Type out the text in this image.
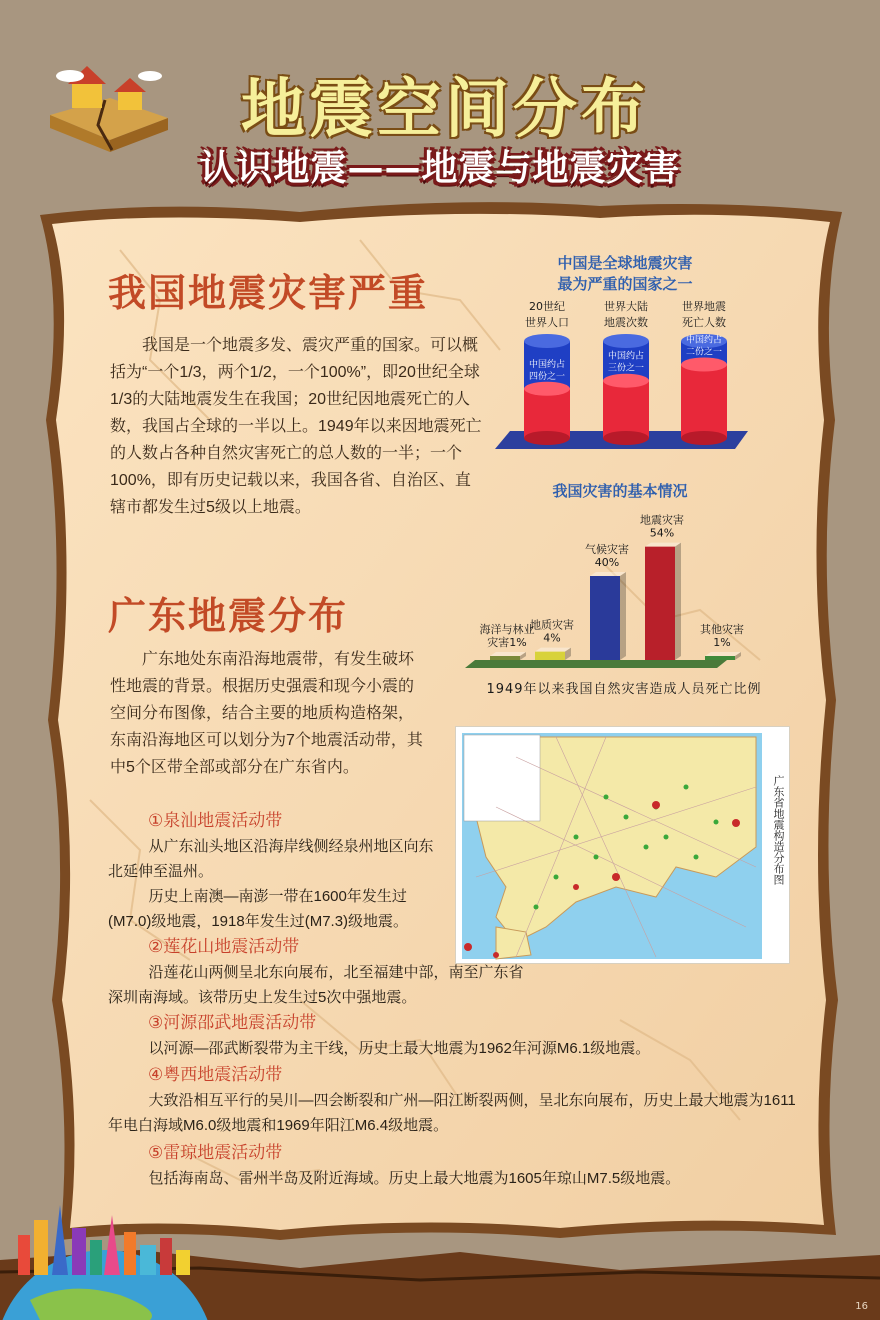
地震空间分布
认识地震——地震与地震灾害
我国地震灾害严重
我国是一个地震多发、震灾严重的国家。可以概括为“一个1/3，两个1/2，一个100%”，即20世纪全球1/3的大陆地震发生在我国；20世纪因地震死亡的人数，我国占全球的一半以上。1949年以来因地震死亡的人数占各种自然灾害死亡的总人数的一半；一个100%，即有历史记载以来，我国各省、自治区、直辖市都发生过5级以上地震。
中国是全球地震灾害
最为严重的国家之一
20世纪
世界人口
中国约占
四份之一
世界大陆
地震次数
中国约占
三份之一
世界地震
死亡人数
中国约占
二份之一
我国灾害的基本情况
海洋与林业
灾害1%
地质灾害
4%
气候灾害
40%
地震灾害
54%
其他灾害
1%
1949年以来我国自然灾害造成人员死亡比例
广东地震分布
广东地处东南沿海地震带，有发生破坏性地震的背景。根据历史强震和现今小震的空间分布图像，结合主要的地质构造格架，东南沿海地区可以划分为7个地震活动带，其中5个区带全部或部分在广东省内。
①泉汕地震活动带
从广东汕头地区沿海岸线侧经泉州地区向东北延伸至温州。
历史上南澳—南澎一带在1600年发生过(M7.0)级地震，1918年发生过(M7.3)级地震。
②莲花山地震活动带
沿莲花山两侧呈北东向展布，北至福建中部，南至广东省深圳南海域。该带历史上发生过5次中强地震。
③河源邵武地震活动带
以河源—邵武断裂带为主干线，历史上最大地震为1962年河源M6.1级地震。
④粤西地震活动带
大致沿相互平行的吴川—四会断裂和广州—阳江断裂两侧，呈北东向展布，历史上最大地震为1611年电白海域M6.0级地震和1969年阳江M6.4级地震。
⑤雷琼地震活动带
包括海南岛、雷州半岛及附近海域。历史上最大地震为1605年琼山M7.5级地震。
广东省地震构造分布图
16
